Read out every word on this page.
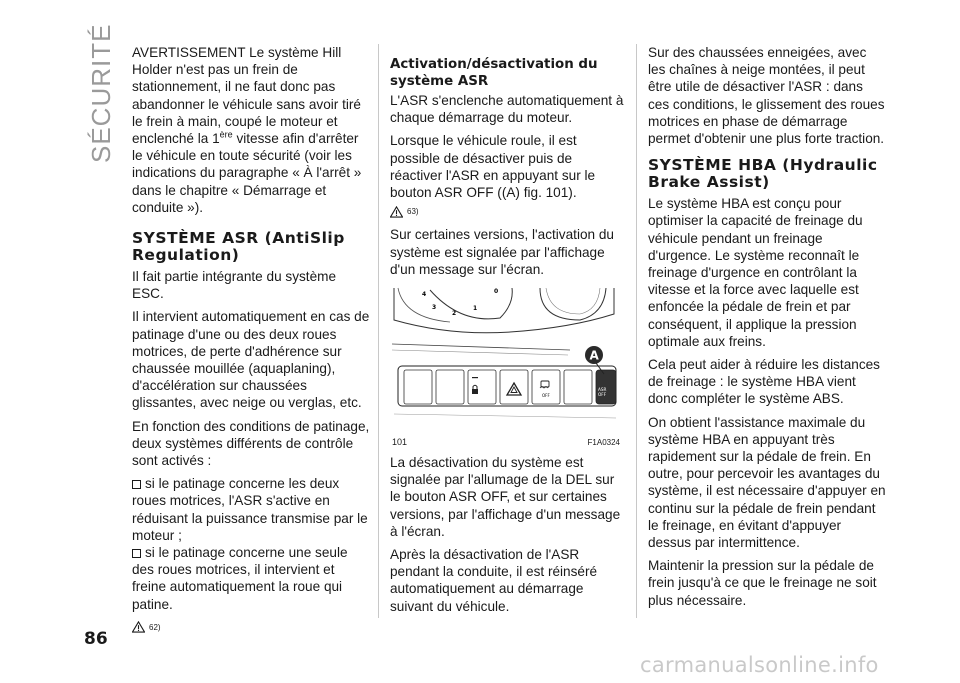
SÉCURITÉ AVERTISSEMENT Le système Hill Holder n'est pas un frein de stationnement, il ne faut donc pas abandonner le véhicule sans avoir tiré le frein à main, coupé le moteur et enclenché la 1ère vitesse afin d'arrêter le véhicule en toute sécurité (voir les indications du paragraphe « À l'arrêt » dans le chapitre « Démarrage et conduite »).

SYSTÈME ASR (AntiSlip Regulation)

Il fait partie intégrante du système ESC.

Il intervient automatiquement en cas de patinage d'une ou des deux roues motrices, de perte d'adhérence sur chaussée mouillée (aquaplaning), d'accélération sur chaussées glissantes, avec neige ou verglas, etc.

En fonction des conditions de patinage, deux systèmes différents de contrôle sont activés :

si le patinage concerne les deux roues motrices, l'ASR s'active en réduisant la puissance transmise par le moteur ;

si le patinage concerne une seule des roues motrices, il intervient et freine automatiquement la roue qui patine.

62)
Activation/désactivation du système ASR

L'ASR s'enclenche automatiquement à chaque démarrage du moteur.

Lorsque le véhicule roule, il est possible de désactiver puis de réactiver l'ASR en appuyant sur le bouton ASR OFF ((A) fig. 101).

63)

Sur certaines versions, l'activation du système est signalée par l'affichage d'un message sur l'écran.

4
3
2
1
0
OFF
ASR
OFF
A
101	F1A0324

La désactivation du système est signalée par l'allumage de la DEL sur le bouton ASR OFF, et sur certaines versions, par l'affichage d'un message à l'écran.

Après la désactivation de l'ASR pendant la conduite, il est réinséré automatiquement au démarrage suivant du véhicule.

Sur des chaussées enneigées, avec les chaînes à neige montées, il peut être utile de désactiver l'ASR : dans ces conditions, le glissement des roues motrices en phase de démarrage permet d'obtenir une plus forte traction.

SYSTÈME HBA (Hydraulic Brake Assist)

Le système HBA est conçu pour optimiser la capacité de freinage du véhicule pendant un freinage d'urgence. Le système reconnaît le freinage d'urgence en contrôlant la vitesse et la force avec laquelle est enfoncée la pédale de frein et par conséquent, il applique la pression optimale aux freins.

Cela peut aider à réduire les distances de freinage : le système HBA vient donc compléter le système ABS.

On obtient l'assistance maximale du système HBA en appuyant très rapidement sur la pédale de frein. En outre, pour percevoir les avantages du système, il est nécessaire d'appuyer en continu sur la pédale de frein pendant le freinage, en évitant d'appuyer dessus par intermittence.

Maintenir la pression sur la pédale de frein jusqu'à ce que le freinage ne soit plus nécessaire.

86
carmanualsonline.info
